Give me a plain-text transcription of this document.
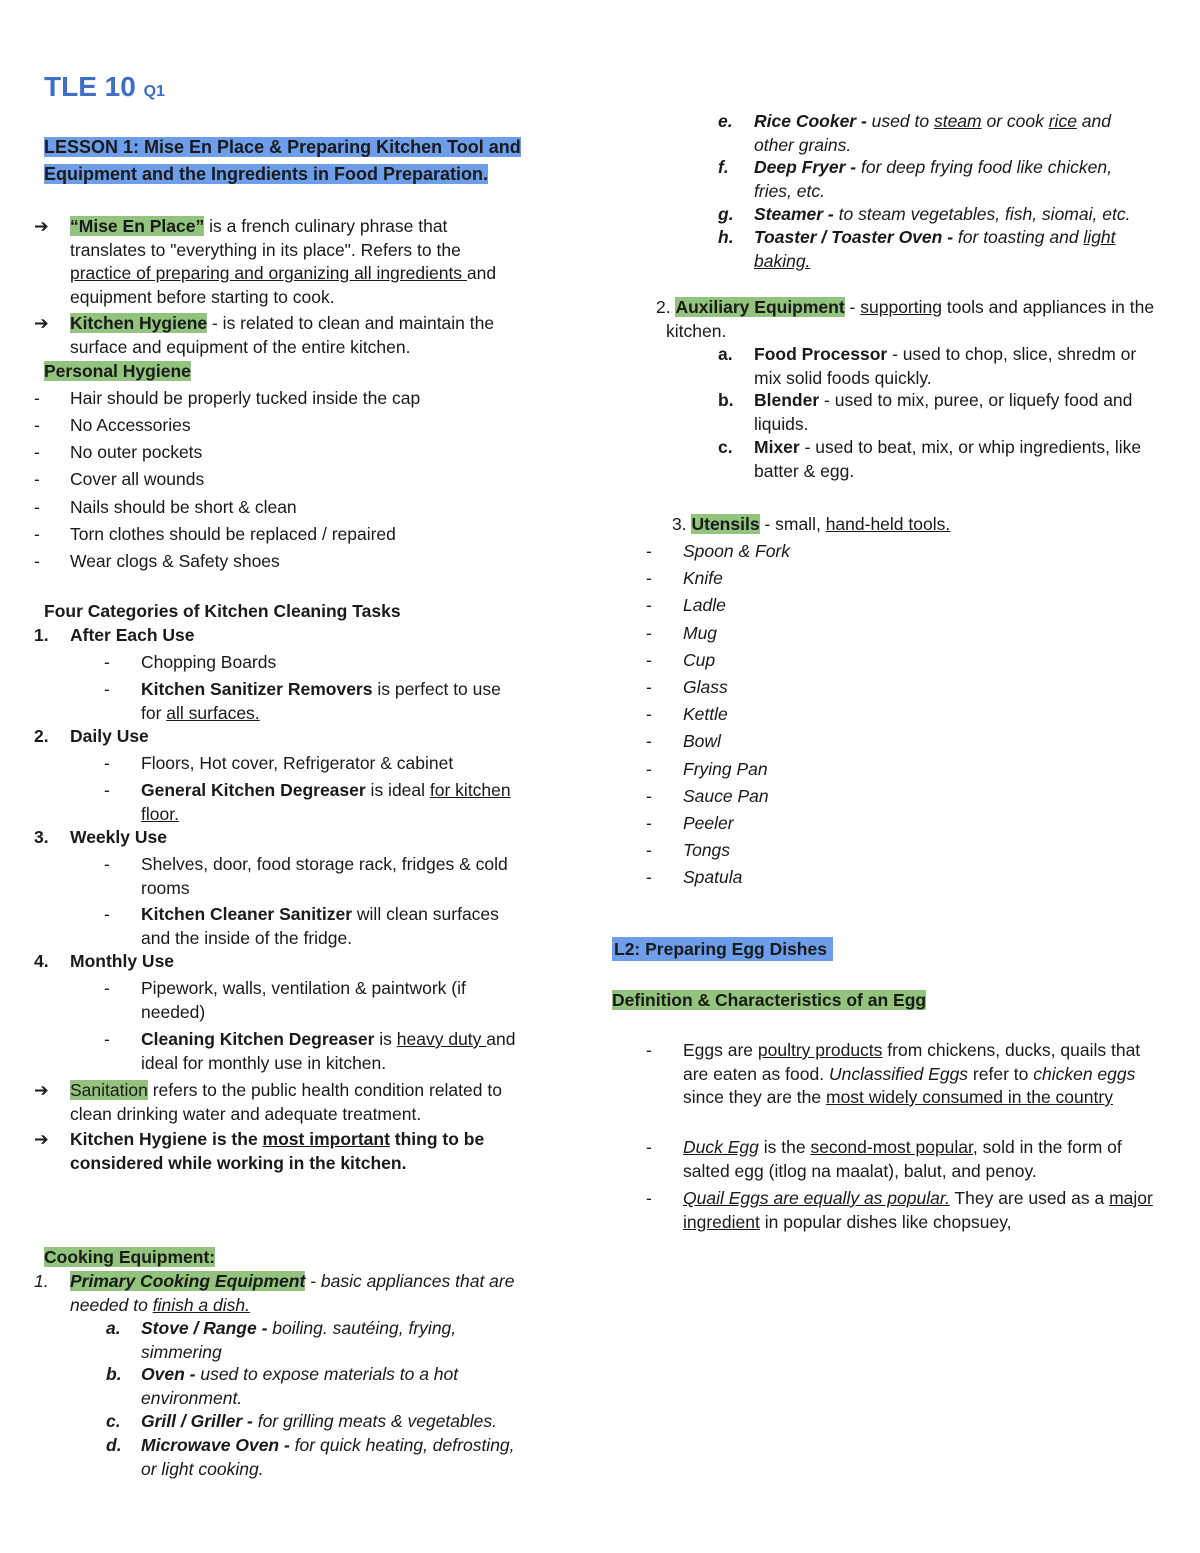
TLE 10 Q1
LESSON 1: Mise En Place & Preparing Kitchen Tool and
Equipment and the Ingredients in Food Preparation.
➔ “Mise En Place” is a french culinary phrase that translates to "everything in its place". Refers to the practice of preparing and organizing all ingredients and equipment before starting to cook.
➔ Kitchen Hygiene - is related to clean and maintain the surface and equipment of the entire kitchen.
Personal Hygiene
- Hair should be properly tucked inside the cap
- No Accessories
- No outer pockets
- Cover all wounds
- Nails should be short & clean
- Torn clothes should be replaced / repaired
- Wear clogs & Safety shoes
Four Categories of Kitchen Cleaning Tasks
1. After Each Use
- Chopping Boards
- Kitchen Sanitizer Removers is perfect to use for all surfaces.
2. Daily Use
- Floors, Hot cover, Refrigerator & cabinet
- General Kitchen Degreaser is ideal for kitchen floor.
3. Weekly Use
- Shelves, door, food storage rack, fridges & cold rooms
- Kitchen Cleaner Sanitizer will clean surfaces and the inside of the fridge.
4. Monthly Use
- Pipework, walls, ventilation & paintwork (if needed)
- Cleaning Kitchen Degreaser is heavy duty and ideal for monthly use in kitchen.
➔ Sanitation refers to the public health condition related to clean drinking water and adequate treatment.
➔ Kitchen Hygiene is the most important thing to be considered while working in the kitchen.
Cooking Equipment:
1. Primary Cooking Equipment - basic appliances that are needed to finish a dish.
a. Stove / Range - boiling. sautéing, frying, simmering
b. Oven - used to expose materials to a hot environment.
c. Grill / Griller - for grilling meats & vegetables.
d. Microwave Oven - for quick heating, defrosting, or light cooking.
e. Rice Cooker - used to steam or cook rice and other grains.
f. Deep Fryer - for deep frying food like chicken, fries, etc.
g. Steamer - to steam vegetables, fish, siomai, etc.
h. Toaster / Toaster Oven - for toasting and light baking.
2. Auxiliary Equipment - supporting tools and appliances in the kitchen.
a. Food Processor - used to chop, slice, shredm or mix solid foods quickly.
b. Blender - used to mix, puree, or liquefy food and liquids.
c. Mixer - used to beat, mix, or whip ingredients, like batter & egg.
3. Utensils - small, hand-held tools.
- Spoon & Fork
- Knife
- Ladle
- Mug
- Cup
- Glass
- Kettle
- Bowl
- Frying Pan
- Sauce Pan
- Peeler
- Tongs
- Spatula
L2: Preparing Egg Dishes
Definition & Characteristics of an Egg
- Eggs are poultry products from chickens, ducks, quails that are eaten as food. Unclassified Eggs refer to chicken eggs since they are the most widely consumed in the country
- Duck Egg is the second-most popular, sold in the form of salted egg (itlog na maalat), balut, and penoy.
- Quail Eggs are equally as popular. They are used as a major ingredient in popular dishes like chopsuey,
